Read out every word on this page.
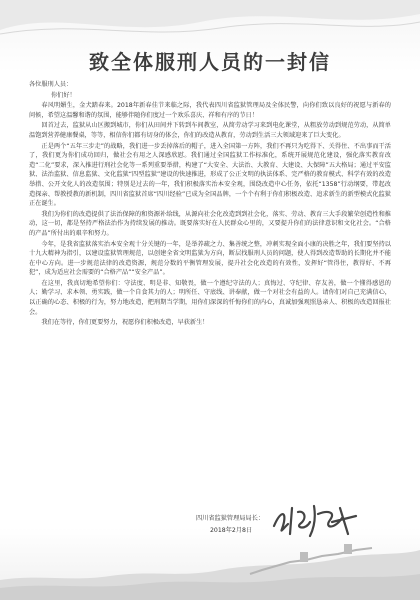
致全体服刑人员的一封信

各位服刑人员：

你们好！

春风明媚生，金犬踏春来。2018年新春佳节来临之际，我代表四川省监狱管理局及全体民警，向你们致以良好的祝愿与新春的问候，希望这温馨和谐的氛围，能够伴随你们度过一个欢乐喜庆、祥和有序的节日！

回首过去，监狱从山区搬到城市，你们从田间并下转到车间教室，从简劳动学习来到电化课堂，从粗放劳动到规范劳动，从简单温饱到营养健康餐桌，等等，相信你们都有切身的体会，你们的改造从教育，劳动到生活三大领域迎来了巨大变化。

正是两个“五年三步走”的战略，我们进一步丢掉落后的帽子，进入全国第一方阵，我们不再只为吃得下、关得住、不出事而干活了，我们更为你们成功回归，做社会有用之人深感欣慰。我们通过全国监狱工作标准化，系统开展规范化建设，强化落实教育改造“二化”要求，深入推进行刑社会化等一系列重要举措，构建了“大安全、大法治、大教育、大建设、大保障”五大格局；通过平安监狱、法治监狱、信息监狱、文化监狱“四型监狱”建设的快速推进，形成了公正文明的执法体系、完严格的教育模式、科学有效的改造举措、公开文化人的改造氛围；特别是过去的一年，我们积极落实治本安全观，围绕改造中心任务，依托“1358”行动纲要，带起改造探亲、帮教授教的新机制，四川省监狱首席“四川经验”已成为全国品牌，一个个有利于你们积极改造、追求新生的新型模式化监狱正在诞生。

我们为你们的改造提供了法治保障的和资源补给线，从源向社会化改造到到社会化，落实、劳动、教育三大手段繁荣创造性和推动，这一切，都是坚持严格法治作为持续发展的推动。既要落实好在人民群众心里的，又要提升你们的法律意识和文化社会。“合格的产品”所付出的艰辛和努力。

今年，是我省监狱落实治本安全观十分关键的一年，是举养疏之力、集善统之整，冲刺实现全面小康的决胜之年，我们要坚持以十九大精神为指引，以建设监狱管理规范，以创建全省文明监狱为方向，断层找服刑人员的问题，使人得到改造帮助的长期化并不能在中心方向。进一步规范法律的改造资源，规范分数的平衡管理发展，提升社会化改造的有效性，发挥好“管得住，教得好、不再犯”，成为适应社会需要的“合格产品”“安全产品”。

在这里，我真切地希望你们：守法度、明是非、知敬畏，做一个遵纪守法的人；真悔过、守纪律、存友善，做一个懂得感恩的人；勤学习、求本领、勇实践，做一个自食其力的人；明所任、守底线、讲奉献，做一个对社会有益的人。请你们对自己充满信心，以正确的心态、积极的行为，努力地改造，把刑期当学期，用你们深深的忏悔你们的内心，真诚加强观照恳亲人、积极的改造回报社会。

我们在等待，你们更要努力，祝愿你们积极改造，早获新生！

四川省监狱管理局局长：
2018年2月8日
